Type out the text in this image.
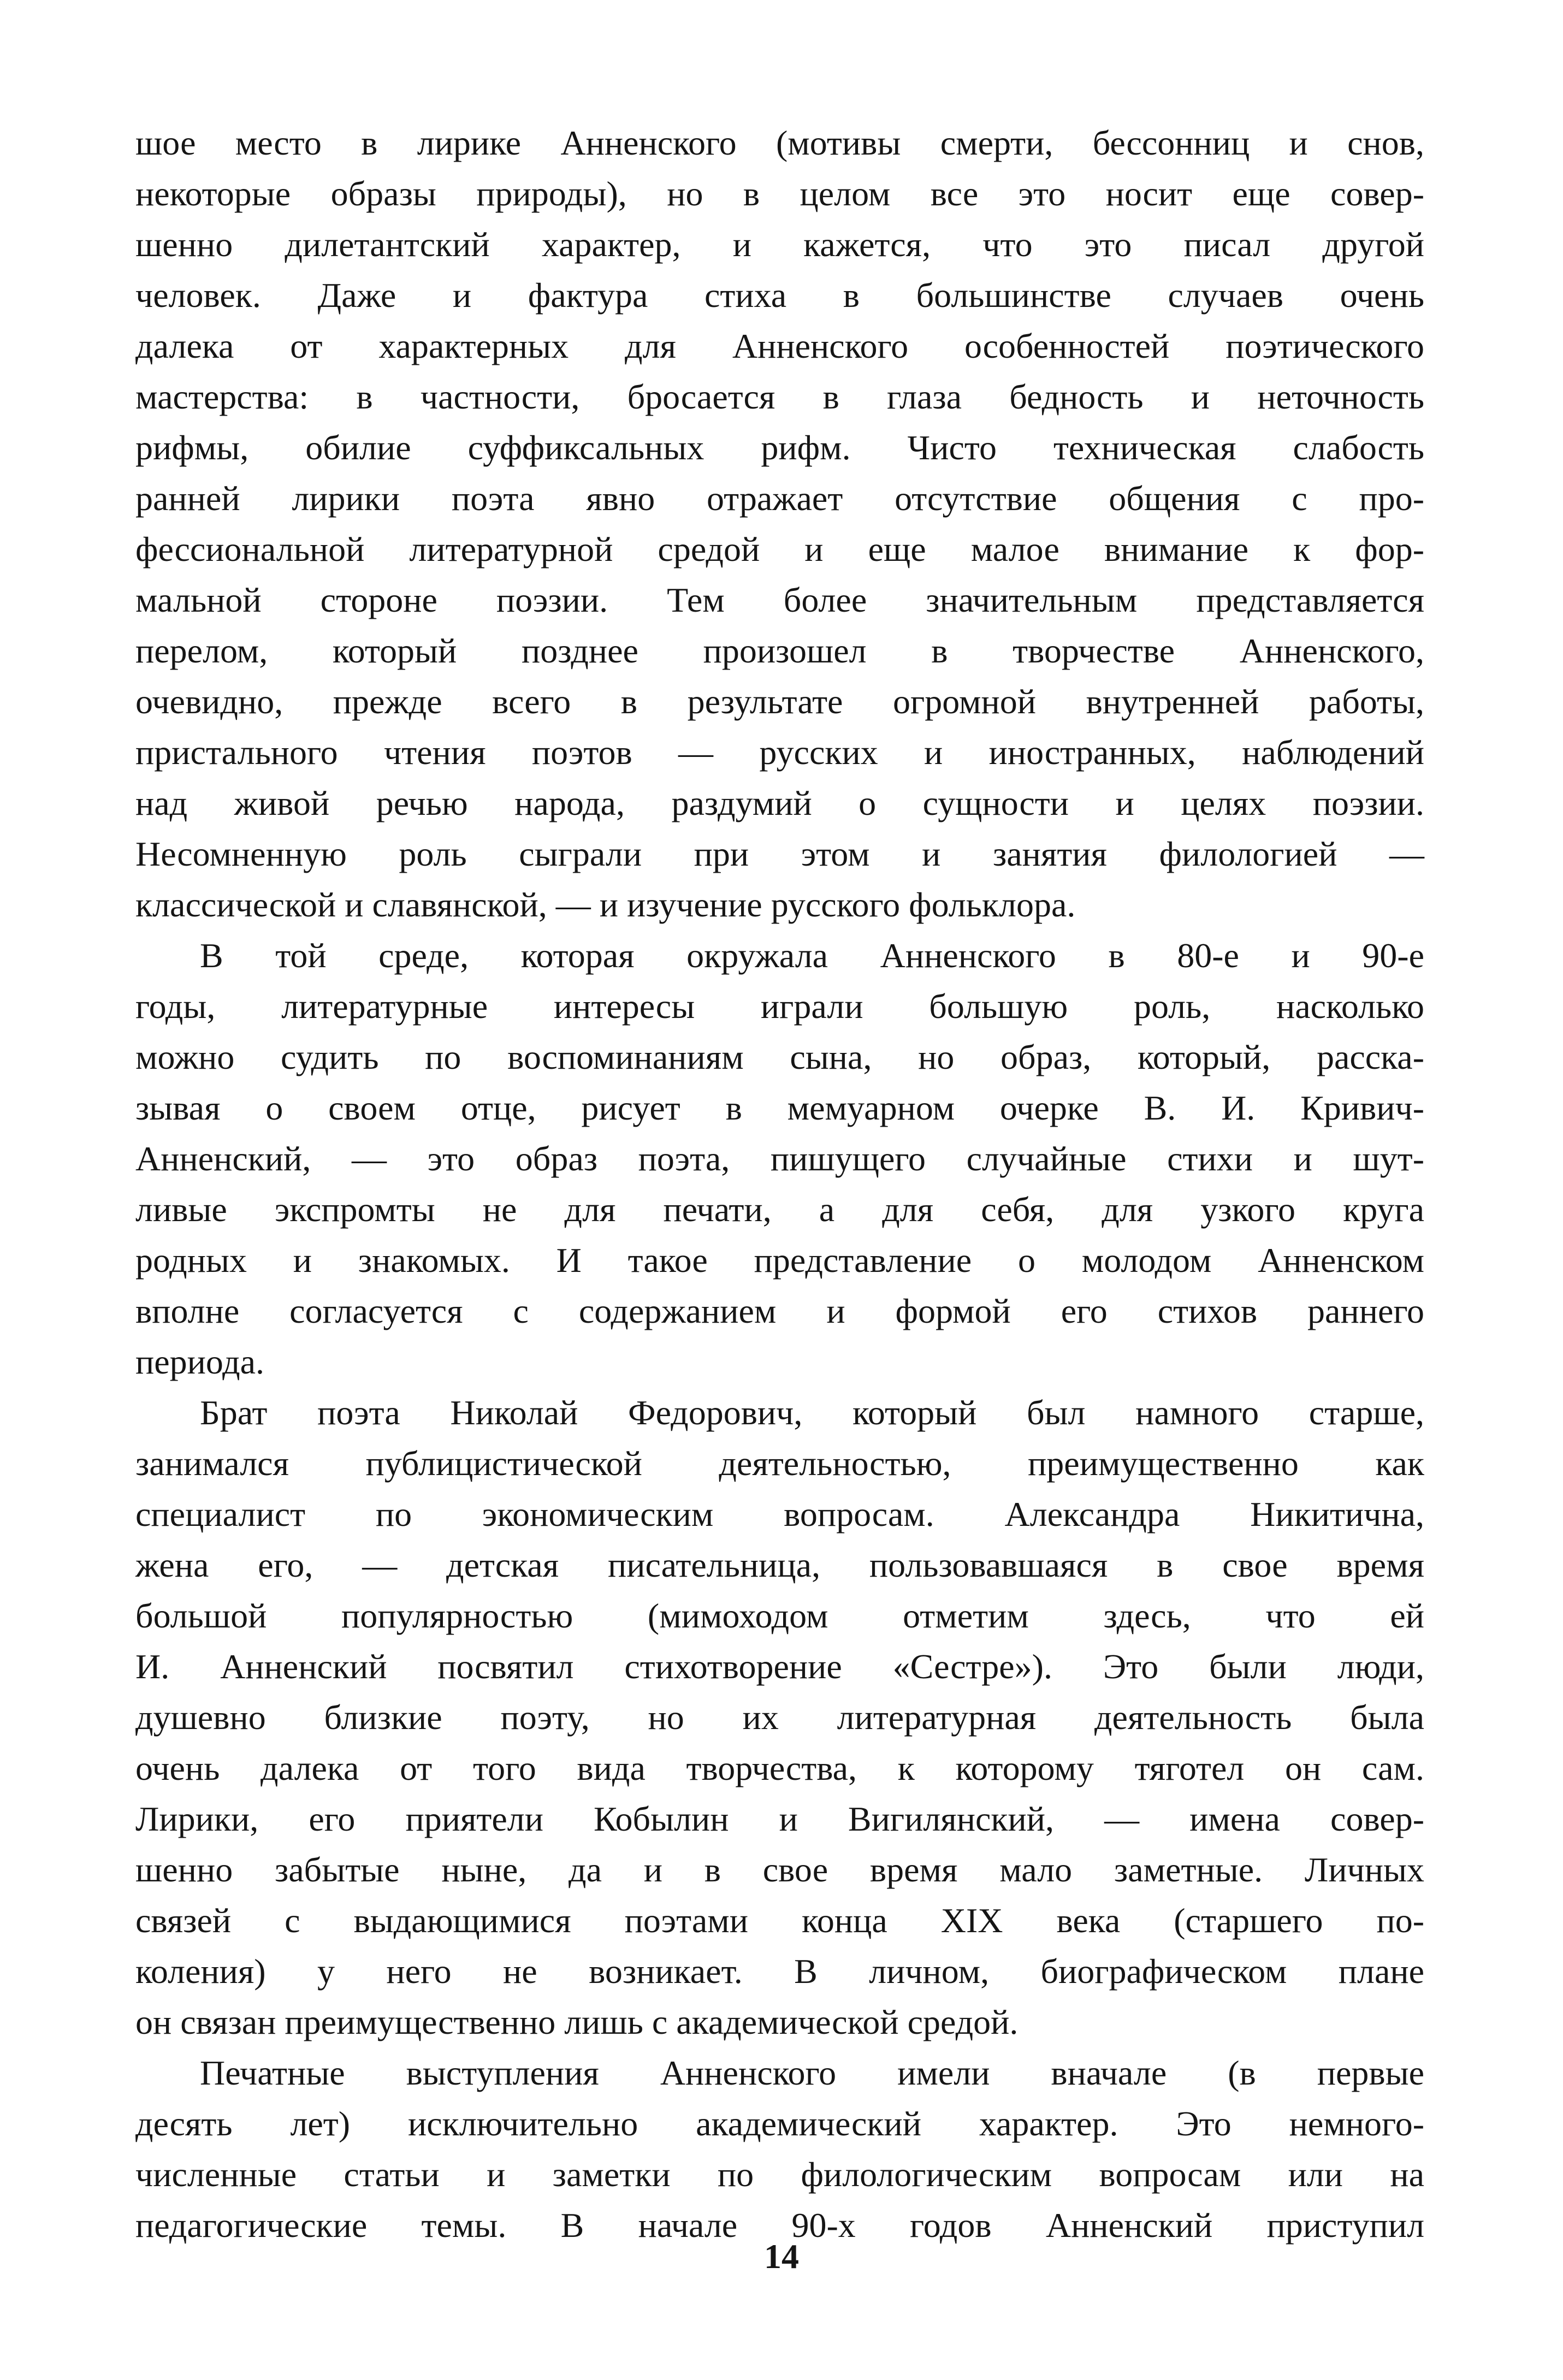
шое место в лирике Анненского (мотивы смерти, бессонниц и снов,
некоторые образы природы), но в целом все это носит еще совер-
шенно дилетантский характер, и кажется, что это писал другой
человек. Даже и фактура стиха в большинстве случаев очень
далека от характерных для Анненского особенностей поэтического
мастерства: в частности, бросается в глаза бедность и неточность
рифмы, обилие суффиксальных рифм. Чисто техническая слабость
ранней лирики поэта явно отражает отсутствие общения с про-
фессиональной литературной средой и еще малое внимание к фор-
мальной стороне поэзии. Тем более значительным представляется
перелом, который позднее произошел в творчестве Анненского,
очевидно, прежде всего в результате огромной внутренней работы,
пристального чтения поэтов — русских и иностранных, наблюдений
над живой речью народа, раздумий о сущности и целях поэзии.
Несомненную роль сыграли при этом и занятия филологией —
классической и славянской, — и изучение русского фольклора.
В той среде, которая окружала Анненского в 80-е и 90-е
годы, литературные интересы играли большую роль, насколько
можно судить по воспоминаниям сына, но образ, который, расска-
зывая о своем отце, рисует в мемуарном очерке В. И. Кривич-
Анненский, — это образ поэта, пишущего случайные стихи и шут-
ливые экспромты не для печати, а для себя, для узкого круга
родных и знакомых. И такое представление о молодом Анненском
вполне согласуется с содержанием и формой его стихов раннего
периода.
Брат поэта Николай Федорович, который был намного старше,
занимался публицистической деятельностью, преимущественно как
специалист по экономическим вопросам. Александра Никитична,
жена его, — детская писательница, пользовавшаяся в свое время
большой популярностью (мимоходом отметим здесь, что ей
И. Анненский посвятил стихотворение «Сестре»). Это были люди,
душевно близкие поэту, но их литературная деятельность была
очень далека от того вида творчества, к которому тяготел он сам.
Лирики, его приятели Кобылин и Вигилянский, — имена совер-
шенно забытые ныне, да и в свое время мало заметные. Личных
связей с выдающимися поэтами конца XIX века (старшего по-
коления) у него не возникает. В личном, биографическом плане
он связан преимущественно лишь с академической средой.
Печатные выступления Анненского имели вначале (в первые
десять лет) исключительно академический характер. Это немного-
численные статьи и заметки по филологическим вопросам или на
педагогические темы. В начале 90-х годов Анненский приступил
14
